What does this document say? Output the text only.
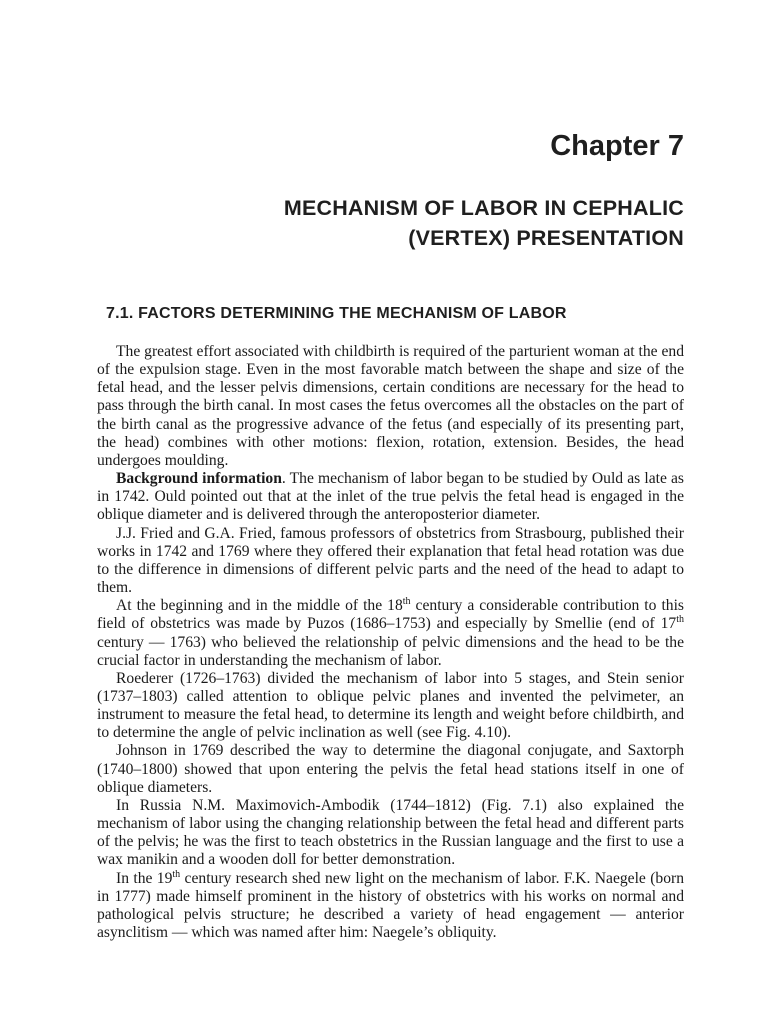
Chapter 7
MECHANISM OF LABOR IN CEPHALIC
(VERTEX) PRESENTATION
7.1. FACTORS DETERMINING THE MECHANISM OF LABOR

The greatest effort associated with childbirth is required of the parturient woman at the end of the expulsion stage. Even in the most favorable match between the shape and size of the fetal head, and the lesser pelvis dimensions, certain conditions are necessary for the head to pass through the birth canal. In most cases the fetus overcomes all the obstacles on the part of the birth canal as the progressive advance of the fetus (and especially of its presenting part, the head) combines with other motions: flexion, rotation, extension. Besides, the head undergoes moulding.

Background information. The mechanism of labor began to be studied by Ould as late as in 1742. Ould pointed out that at the inlet of the true pelvis the fetal head is engaged in the oblique diameter and is delivered through the anteroposterior diameter.

J.J. Fried and G.A. Fried, famous professors of obstetrics from Strasbourg, published their works in 1742 and 1769 where they offered their explanation that fetal head rotation was due to the difference in dimensions of different pelvic parts and the need of the head to adapt to them.

At the beginning and in the middle of the 18th century a considerable contribution to this field of obstetrics was made by Puzos (1686–1753) and especially by Smellie (end of 17th century — 1763) who believed the relationship of pelvic dimensions and the head to be the crucial factor in understanding the mechanism of labor.

Roederer (1726–1763) divided the mechanism of labor into 5 stages, and Stein senior (1737–1803) called attention to oblique pelvic planes and invented the pelvimeter, an instrument to measure the fetal head, to determine its length and weight before childbirth, and to determine the angle of pelvic inclination as well (see Fig. 4.10).

Johnson in 1769 described the way to determine the diagonal conjugate, and Saxtorph (1740–1800) showed that upon entering the pelvis the fetal head stations itself in one of oblique diameters.

In Russia N.M. Maximovich-Ambodik (1744–1812) (Fig. 7.1) also explained the mechanism of labor using the changing relationship between the fetal head and different parts of the pelvis; he was the first to teach obstetrics in the Russian language and the first to use a wax manikin and a wooden doll for better demonstration.

In the 19th century research shed new light on the mechanism of labor. F.K. Naegele (born in 1777) made himself prominent in the history of obstetrics with his works on normal and pathological pelvis structure; he described a variety of head engagement — anterior asynclitism — which was named after him: Naegele’s obliquity.
